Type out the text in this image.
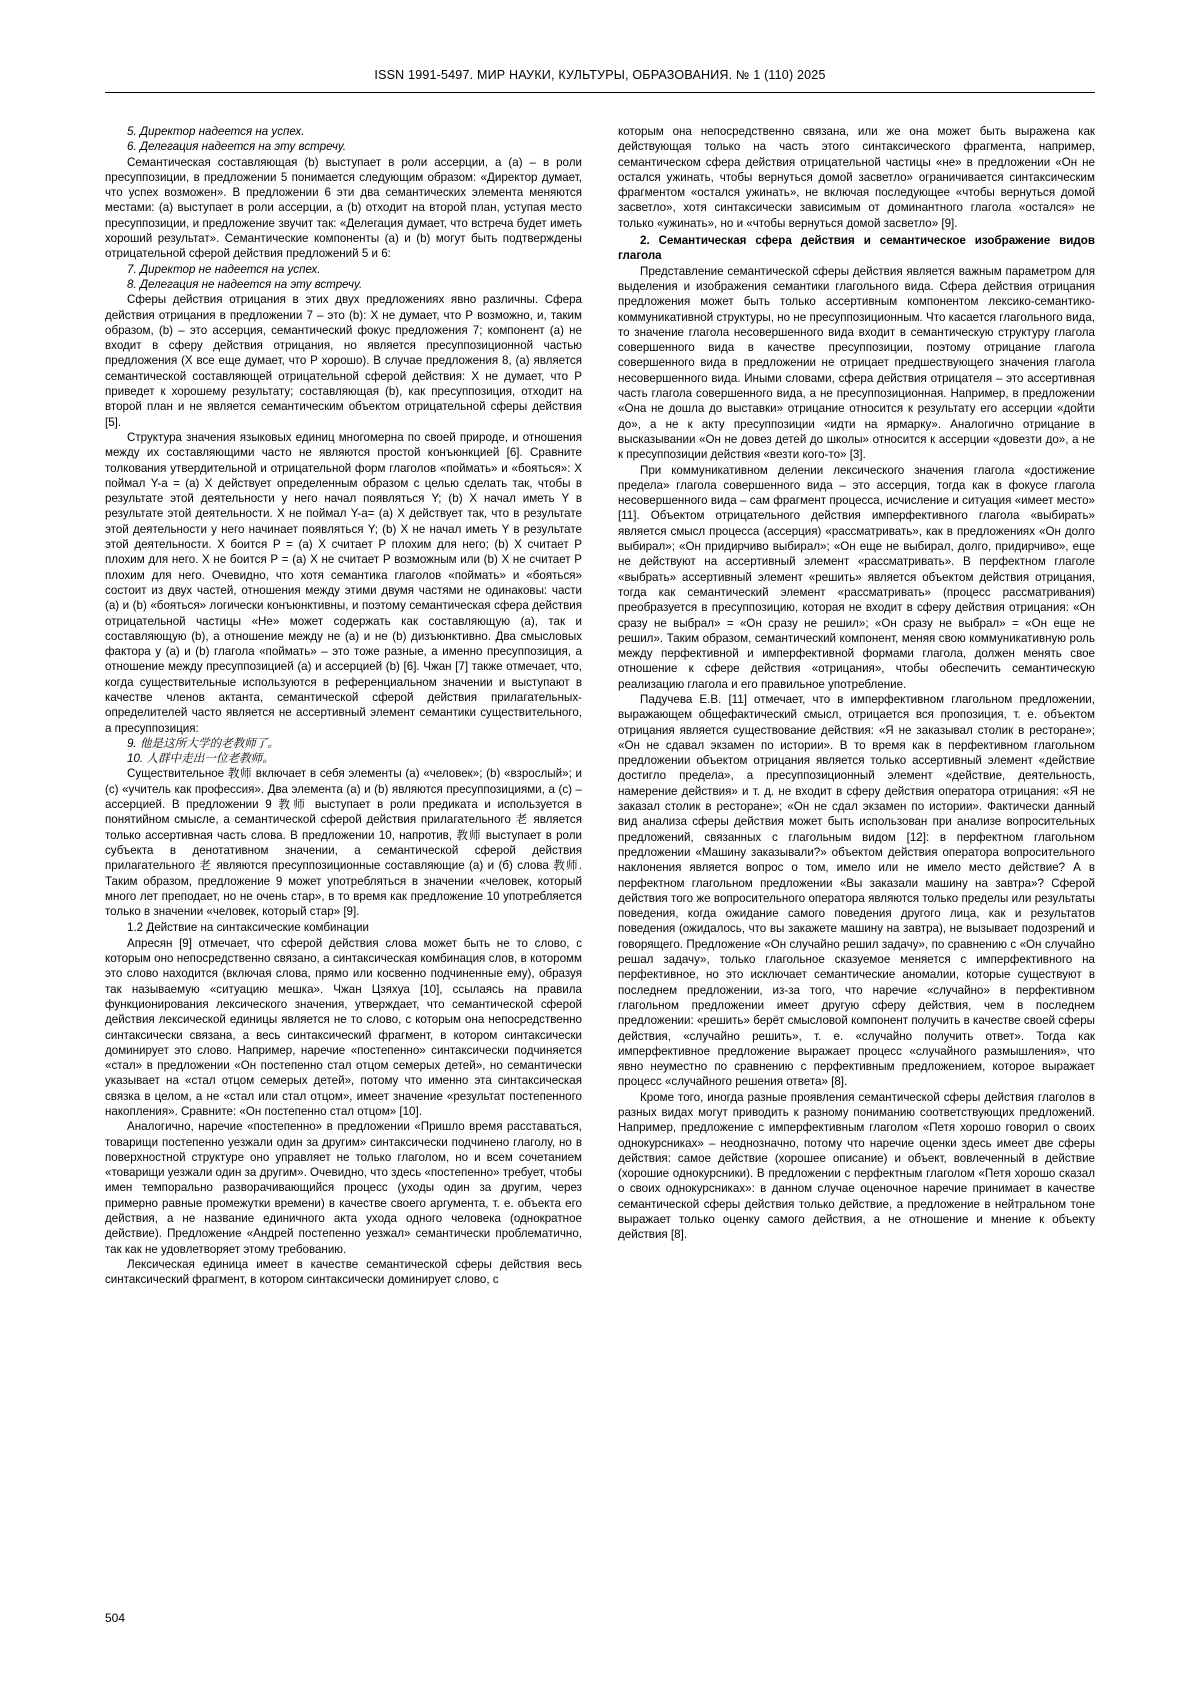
ISSN 1991-5497. МИР НАУКИ, КУЛЬТУРЫ, ОБРАЗОВАНИЯ. № 1 (110) 2025

5. Директор надеется на успех.

6. Делегация надеется на эту встречу.

Семантическая составляющая (b) выступает в роли ассерции, а (a) – в роли пресуппозиции, в предложении 5 понимается следующим образом: «Директор думает, что успех возможен». В предложении 6 эти два семантических элемента меняются местами: (a) выступает в роли ассерции, а (b) отходит на второй план, уступая место пресуппозиции, и предложение звучит так: «Делегация думает, что встреча будет иметь хороший результат». Семантические компоненты (a) и (b) могут быть подтверждены отрицательной сферой действия предложений 5 и 6:

7. Директор не надеется на успех.

8. Делегация не надеется на эту встречу.

Сферы действия отрицания в этих двух предложениях явно различны. Сфера действия отрицания в предложении 7 – это (b): Х не думает, что Р возможно, и, таким образом, (b) – это ассерция, семантический фокус предложения 7; компонент (a) не входит в сферу действия отрицания, но является пресуппозиционной частью предложения (Х все еще думает, что Р хорошо). В случае предложения 8, (a) является семантической составляющей отрицательной сферой действия: Х не думает, что Р приведет к хорошему результату; составляющая (b), как пресуппозиция, отходит на второй план и не является семантическим объектом отрицательной сферы действия [5].

Структура значения языковых единиц многомерна по своей природе, и отношения между их составляющими часто не являются простой конъюнкцией [6]. Сравните толкования утвердительной и отрицательной форм глаголов «поймать» и «бояться»: Х поймал Y-а = (a) Х действует определенным образом с целью сделать так, чтобы в результате этой деятельности у него начал появляться Y; (b) Х начал иметь Y в результате этой деятельности. Х не поймал Y-а= (a) Х действует так, что в результате этой деятельности у него начинает появляться Y; (b) Х не начал иметь Y в результате этой деятельности. Х боится Р = (a) Х считает Р плохим для него; (b) Х считает Р плохим для него. Х не боится Р = (a) Х не считает Р возможным или (b) Х не считает Р плохим для него. Очевидно, что хотя семантика глаголов «поймать» и «бояться» состоит из двух частей, отношения между этими двумя частями не одинаковы: части (a) и (b) «бояться» логически конъюнктивны, и поэтому семантическая сфера действия отрицательной частицы «Не» может содержать как составляющую (a), так и составляющую (b), а отношение между не (a) и не (b) дизъюнктивно. Два смысловых фактора у (a) и (b) глагола «поймать» – это тоже разные, а именно пресуппозиция, а отношение между пресуппозицией (a) и ассерцией (b) [6]. Чжан [7] также отмечает, что, когда существительные используются в референциальном значении и выступают в качестве членов актанта, семантической сферой действия прилагательных-определителей часто является не ассертивный элемент семантики существительного, а пресуппозиция:

9. 他是这所大学的老教师了。

10. 人群中走出一位老教师。

Существительное 教师 включает в себя элементы (a) «человек»; (b) «взрослый»; и (c) «учитель как профессия». Два элемента (a) и (b) являются пресуппозициями, а (c) – ассерцией. В предложении 9 教师 выступает в роли предиката и используется в понятийном смысле, а семантической сферой действия прилагательного 老 является только ассертивная часть слова. В предложении 10, напротив, 教师 выступает в роли субъекта в денотативном значении, а семантической сферой действия прилагательного 老 являются пресуппозиционные составляющие (a) и (б) слова 教师. Таким образом, предложение 9 может употребляться в значении «человек, который много лет преподает, но не очень стар», в то время как предложение 10 употребляется только в значении «человек, который стар» [9].

1.2 Действие на синтаксические комбинации

Апресян [9] отмечает, что сферой действия слова может быть не то слово, с которым оно непосредственно связано, а синтаксическая комбинация слов, в которомм это слово находится (включая слова, прямо или косвенно подчиненные ему), образуя так называемую «ситуацию мешка». Чжан Цзяхуа [10], ссылаясь на правила функционирования лексического значения, утверждает, что семантической сферой действия лексической единицы является не то слово, с которым она непосредственно синтаксически связана, а весь синтаксический фрагмент, в котором синтаксически доминирует это слово. Например, наречие «постепенно» синтаксически подчиняется «стал» в предложении «Он постепенно стал отцом семерых детей», но семантически указывает на «стал отцом семерых детей», потому что именно эта синтаксическая связка в целом, а не «стал или стал отцом», имеет значение «результат постепенного накопления». Сравните: «Он постепенно стал отцом» [10].

Аналогично, наречие «постепенно» в предложении «Пришло время расставаться, товарищи постепенно уезжали один за другим» синтаксически подчинено глаголу, но в поверхностной структуре оно управляет не только глаголом, но и всем сочетанием «товарищи уезжали один за другим». Очевидно, что здесь «постепенно» требует, чтобы имен темпорально разворачивающийся процесс (уходы один за другим, через примерно равные промежутки времени) в качестве своего аргумента, т. е. объекта его действия, а не название единичного акта ухода одного человека (однократное действие). Предложение «Андрей постепенно уезжал» семантически проблематично, так как не удовлетворяет этому требованию.

Лексическая единица имеет в качестве семантической сферы действия весь синтаксический фрагмент, в котором синтаксически доминирует слово, с

которым она непосредственно связана, или же она может быть выражена как действующая только на часть этого синтаксического фрагмента, например, семантическом сфера действия отрицательной частицы «не» в предложении «Он не остался ужинать, чтобы вернуться домой засветло» ограничивается синтаксическим фрагментом «остался ужинать», не включая последующее «чтобы вернуться домой засветло», хотя синтаксически зависимым от доминантного глагола «остался» не только «ужинать», но и «чтобы вернуться домой засветло» [9].

2. Семантическая сфера действия и семантическое изображение видов глагола

Представление семантической сферы действия является важным параметром для выделения и изображения семантики глагольного вида. Сфера действия отрицания предложения может быть только ассертивным компонентом лексико-семантико-коммуникативной структуры, но не пресуппозиционным. Что касается глагольного вида, то значение глагола несовершенного вида входит в семантическую структуру глагола совершенного вида в качестве пресуппозиции, поэтому отрицание глагола совершенного вида в предложении не отрицает предшествующего значения глагола несовершенного вида. Иными словами, сфера действия отрицателя – это ассертивная часть глагола совершенного вида, а не пресуппозиционная. Например, в предложении «Она не дошла до выставки» отрицание относится к результату его ассерции «дойти до», а не к акту пресуппозиции «идти на ярмарку». Аналогично отрицание в высказывании «Он не довез детей до школы» относится к ассерции «довезти до», а не к пресуппозиции действия «везти кого-то» [3].

При коммуникативном делении лексического значения глагола «достижение предела» глагола совершенного вида – это ассерция, тогда как в фокусе глагола несовершенного вида – сам фрагмент процесса, исчисление и ситуация «имеет место» [11]. Объектом отрицательного действия имперфективного глагола «выбирать» является смысл процесса (ассерция) «рассматривать», как в предложениях «Он долго выбирал»; «Он придирчиво выбирал»; «Он еще не выбирал, долго, придирчиво», еще не действуют на ассертивный элемент «рассматривать». В перфектном глаголе «выбрать» ассертивный элемент «решить» является объектом действия отрицания, тогда как семантический элемент «рассматривать» (процесс рассматривания) преобразуется в пресуппозицию, которая не входит в сферу действия отрицания: «Он сразу не выбрал» = «Он сразу не решил»; «Он сразу не выбрал» = «Он еще не решил». Таким образом, семантический компонент, меняя свою коммуникативную роль между перфективной и имперфективной формами глагола, должен менять свое отношение к сфере действия «отрицания», чтобы обеспечить семантическую реализацию глагола и его правильное употребление.

Падучева Е.В. [11] отмечает, что в имперфективном глагольном предложении, выражающем общефактический смысл, отрицается вся пропозиция, т. е. объектом отрицания является существование действия: «Я не заказывал столик в ресторане»; «Он не сдавал экзамен по истории». В то время как в перфективном глагольном предложении объектом отрицания является только ассертивный элемент «действие достигло предела», а пресуппозиционный элемент «действие, деятельность, намерение действия» и т. д. не входит в сферу действия оператора отрицания: «Я не заказал столик в ресторане»; «Он не сдал экзамен по истории». Фактически данный вид анализа сферы действия может быть использован при анализе вопросительных предложений, связанных с глагольным видом [12]: в перфектном глагольном предложении «Машину заказывали?» объектом действия оператора вопросительного наклонения является вопрос о том, имело или не имело место действие? А в перфектном глагольном предложении «Вы заказали машину на завтра»? Сферой действия того же вопросительного оператора являются только пределы или результаты поведения, когда ожидание самого поведения другого лица, как и результатов поведения (ожидалось, что вы закажете машину на завтра), не вызывает подозрений и говорящего. Предложение «Он случайно решил задачу», по сравнению с «Он случайно решал задачу», только глагольное сказуемое меняется с имперфективного на перфективное, но это исключает семантические аномалии, которые существуют в последнем предложении, из-за того, что наречие «случайно» в перфективном глагольном предложении имеет другую сферу действия, чем в последнем предложении: «решить» берёт смысловой компонент получить в качестве своей сферы действия, «случайно решить», т. е. «случайно получить ответ». Тогда как имперфективное предложение выражает процесс «случайного размышления», что явно неуместно по сравнению с перфективным предложением, которое выражает процесс «случайного решения ответа» [8].

Кроме того, иногда разные проявления семантической сферы действия глаголов в разных видах могут приводить к разному пониманию соответствующих предложений. Например, предложение с имперфективным глаголом «Петя хорошо говорил о своих однокурсниках» – неоднозначно, потому что наречие оценки здесь имеет две сферы действия: самое действие (хорошее описание) и объект, вовлеченный в действие (хорошие однокурсники). В предложении с перфектным глаголом «Петя хорошо сказал о своих однокурсниках»: в данном случае оценочное наречие принимает в качестве семантической сферы действия только действие, а предложение в нейтральном тоне выражает только оценку самого действия, а не отношение и мнение к объекту действия [8].

504
